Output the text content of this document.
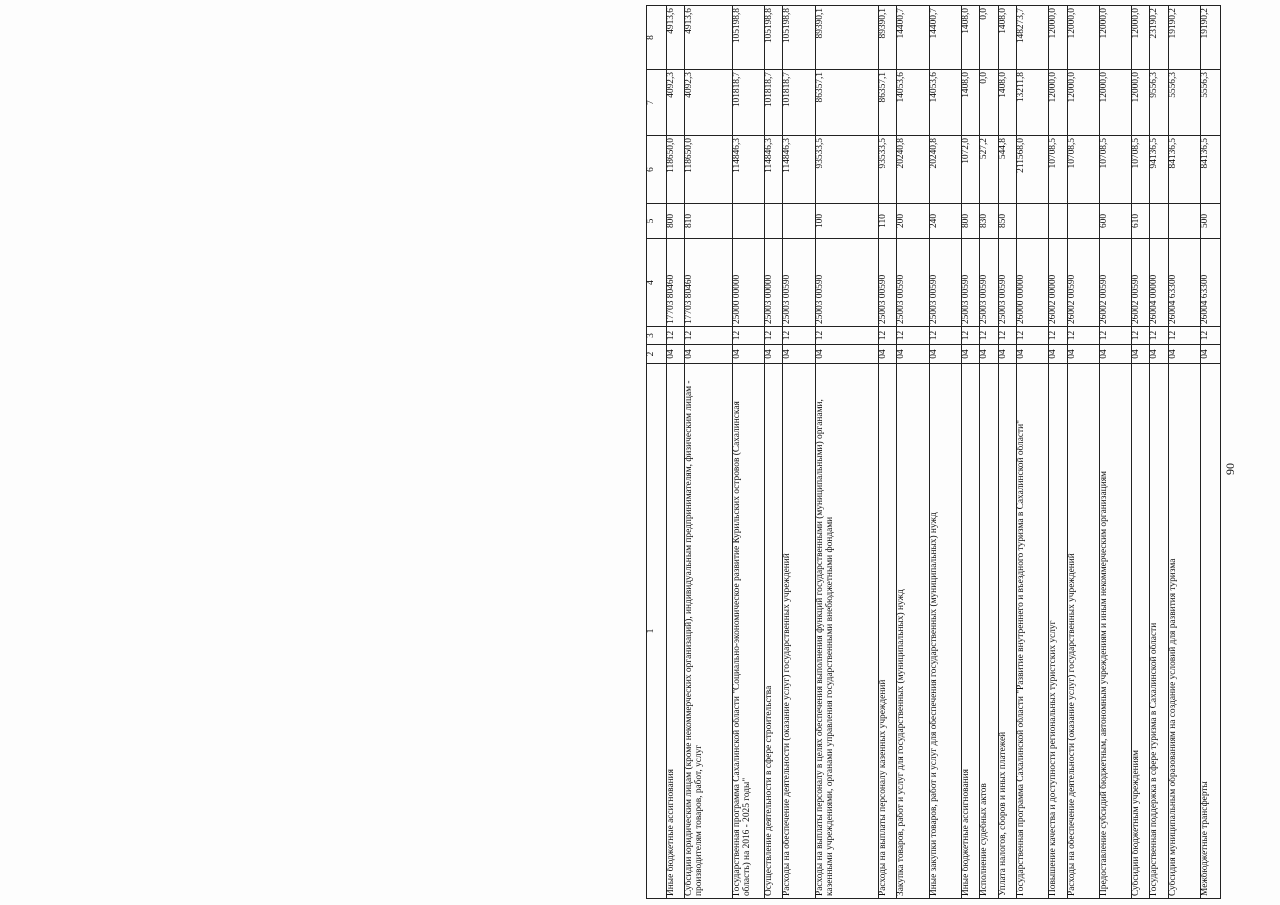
1	2	3	4	5	6	7	8
Иные бюджетные ассигнования	04	12	17703 80460	800	118650,0	4092,3	4913,6
Субсидии юридическим лицам (кроме некоммерческих организаций), индивидуальным предпринимателям, физическим лицам - производителям товаров, работ, услуг	04	12	17703 80460	810	118650,0	4092,3	4913,6
Государственная программа Сахалинской области "Социально-экономическое развитие Курильских островов (Сахалинская область) на 2016 - 2025 годы"	04	12	25000 00000		114846,3	101818,7	105198,8
Осуществление деятельности в сфере строительства	04	12	25003 00000		114846,3	101818,7	105198,8
Расходы на обеспечение деятельности (оказание услуг) государственных учреждений	04	12	25003 00590		114846,3	101818,7	105198,8
Расходы на выплаты персоналу в целях обеспечения выполнения функций государственными (муниципальными) органами, казенными учреждениями, органами управления государственными внебюджетными фондами	04	12	25003 00590	100	93533,5	86357,1	89390,1
Расходы на выплаты персоналу казенных учреждений	04	12	25003 00590	110	93533,5	86357,1	89390,1
Закупка товаров, работ и услуг для государственных (муниципальных) нужд	04	12	25003 00590	200	20240,8	14053,6	14400,7
Иные закупки товаров, работ и услуг для обеспечения государственных (муниципальных) нужд	04	12	25003 00590	240	20240,8	14053,6	14400,7
Иные бюджетные ассигнования	04	12	25003 00590	800	1072,0	1408,0	1408,0
Исполнение судебных актов	04	12	25003 00590	830	527,2	0,0	0,0
Уплата налогов, сборов и иных платежей	04	12	25003 00590	850	544,8	1408,0	1408,0
Государственная программа Сахалинской области "Развитие внутреннего и въездного туризма в Сахалинской области"	04	12	26000 00000		211568,0	13211,8	148273,7
Повышение качества и доступности региональных туристских услуг	04	12	26002 00000		10708,5	12000,0	12000,0
Расходы на обеспечение деятельности (оказание услуг) государственных учреждений	04	12	26002 00590		10708,5	12000,0	12000,0
Предоставление субсидий бюджетным, автономным учреждениям и иным некоммерческим организациям	04	12	26002 00590	600	10708,5	12000,0	12000,0
Субсидии бюджетным учреждениям	04	12	26002 00590	610	10708,5	12000,0	12000,0
Государственная поддержка в сфере туризма в Сахалинской области	04	12	26004 00000		94136,5	9556,3	23190,2
Субсидия муниципальным образованиям на создание условий для развития туризма	04	12	26004 63300		84136,5	5556,3	19190,2
Межбюджетные трансферты	04	12	26004 63300	500	84136,5	5556,3	19190,2
90
